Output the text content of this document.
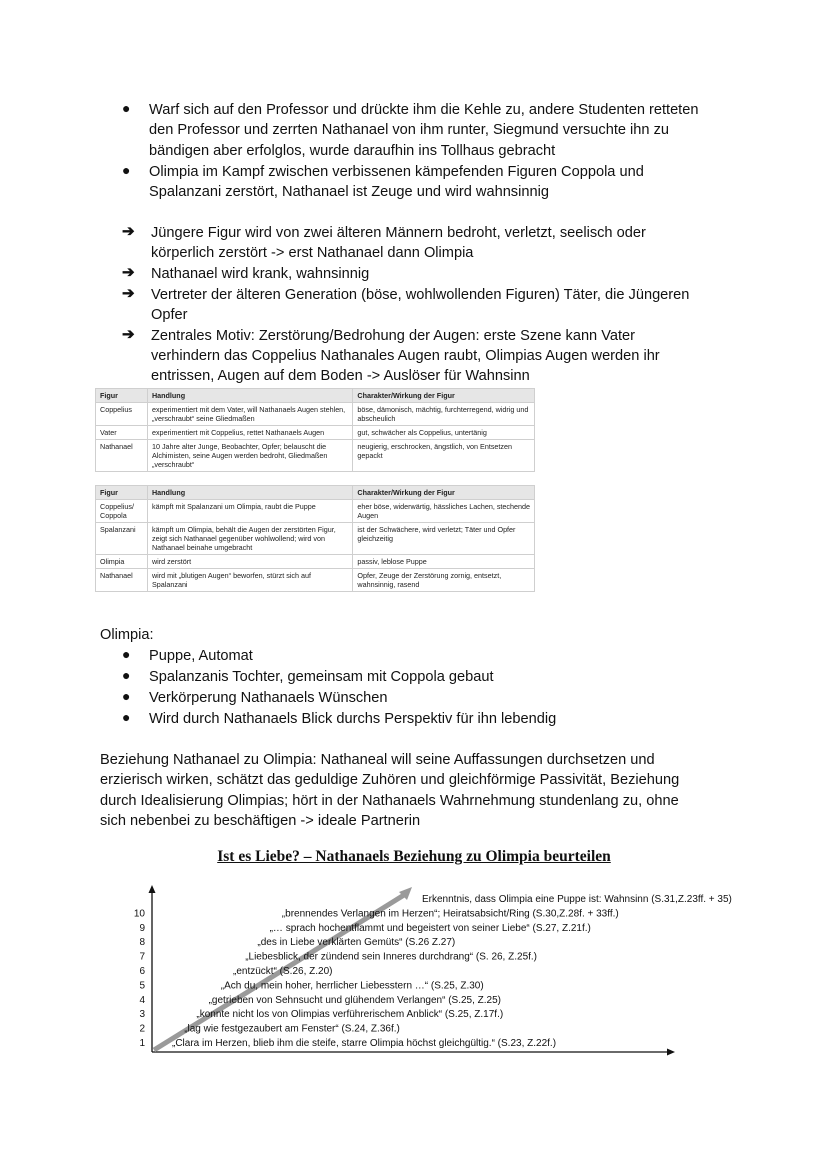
● Warf sich auf den Professor und drückte ihm die Kehle zu, andere Studenten retteten
den Professor und zerrten Nathanael von ihm runter, Siegmund versuchte ihn zu
bändigen aber erfolglos, wurde daraufhin ins Tollhaus gebracht
● Olimpia im Kampf zwischen verbissenen kämpefenden Figuren Coppola und
Spalanzani zerstört, Nathanael ist Zeuge und wird wahnsinnig
➔ Jüngere Figur wird von zwei älteren Männern bedroht, verletzt, seelisch oder
körperlich zerstört -> erst Nathanael dann Olimpia
➔ Nathanael wird krank, wahnsinnig
➔ Vertreter der älteren Generation (böse, wohlwollenden Figuren) Täter, die Jüngeren
Opfer
➔ Zentrales Motiv: Zerstörung/Bedrohung der Augen: erste Szene kann Vater
verhindern das Coppelius Nathanales Augen raubt, Olimpias Augen werden ihr
entrissen, Augen auf dem Boden -> Auslöser für Wahnsinn
Figur	Handlung	Charakter/Wirkung der Figur
Coppelius	experimentiert mit dem Vater, will Nathanaels Augen stehlen, „verschraubt“ seine Gliedmaßen	böse, dämonisch, mächtig, furchterregend, widrig und abscheulich
Vater	experimentiert mit Coppelius, rettet Nathanaels Augen	gut, schwächer als Coppelius, untertänig
Nathanael	10 Jahre alter Junge, Beobachter, Opfer; belauscht die Alchimisten, seine Augen werden bedroht, Gliedmaßen „verschraubt“	neugierig, erschrocken, ängstlich, von Entsetzen gepackt
Figur	Handlung	Charakter/Wirkung der Figur
Coppelius/ Coppola	kämpft mit Spalanzani um Olimpia, raubt die Puppe	eher böse, widerwärtig, hässliches Lachen, stechende Augen
Spalanzani	kämpft um Olimpia, behält die Augen der zerstörten Figur, zeigt sich Nathanael gegenüber wohlwollend; wird von Nathanael beinahe umgebracht	ist der Schwächere, wird verletzt; Täter und Opfer gleichzeitig
Olimpia	wird zerstört	passiv, leblose Puppe
Nathanael	wird mit „blutigen Augen“ beworfen, stürzt sich auf Spalanzani	Opfer, Zeuge der Zerstörung zornig, entsetzt, wahnsinnig, rasend
Olimpia:
● Puppe, Automat
● Spalanzanis Tochter, gemeinsam mit Coppola gebaut
● Verkörperung Nathanaels Wünschen
● Wird durch Nathanaels Blick durchs Perspektiv für ihn lebendig
Beziehung Nathanael zu Olimpia: Nathaneal will seine Auffassungen durchsetzen und
erzierisch wirken, schätzt das geduldige Zuhören und gleichförmige Passivität, Beziehung
durch Idealisierung Olimpias; hört in der Nathanaels Wahrnehmung stundenlang zu, ohne
sich nebenbei zu beschäftigen -> ideale Partnerin
Ist es Liebe? – Nathanaels Beziehung zu Olimpia beurteilen
1
2
3
4
5
6
7
8
9
10
„Clara im Herzen, blieb ihm die steife, starre Olimpia höchst gleichgültig.“ (S.23, Z.22f.)
„lag wie festgezaubert am Fenster“ (S.24, Z.36f.)
„konnte nicht los von Olimpias verführerischem Anblick“ (S.25, Z.17f.)
„getrieben von Sehnsucht und glühendem Verlangen“ (S.25, Z.25)
„Ach du, mein hoher, herrlicher Liebesstern …“ (S.25, Z.30)
„entzückt“ (S.26, Z.20)
„Liebesblick, der zündend sein Inneres durchdrang“ (S. 26, Z.25f.)
„des in Liebe verklärten Gemüts“ (S.26 Z.27)
„… sprach hochentflammt und begeistert von seiner Liebe“ (S.27, Z.21f.)
„brennendes Verlangen im Herzen“; Heiratsabsicht/Ring (S.30,Z.28f. + 33ff.)
Erkenntnis, dass Olimpia eine Puppe ist: Wahnsinn (S.31,Z.23ff. + 35)
